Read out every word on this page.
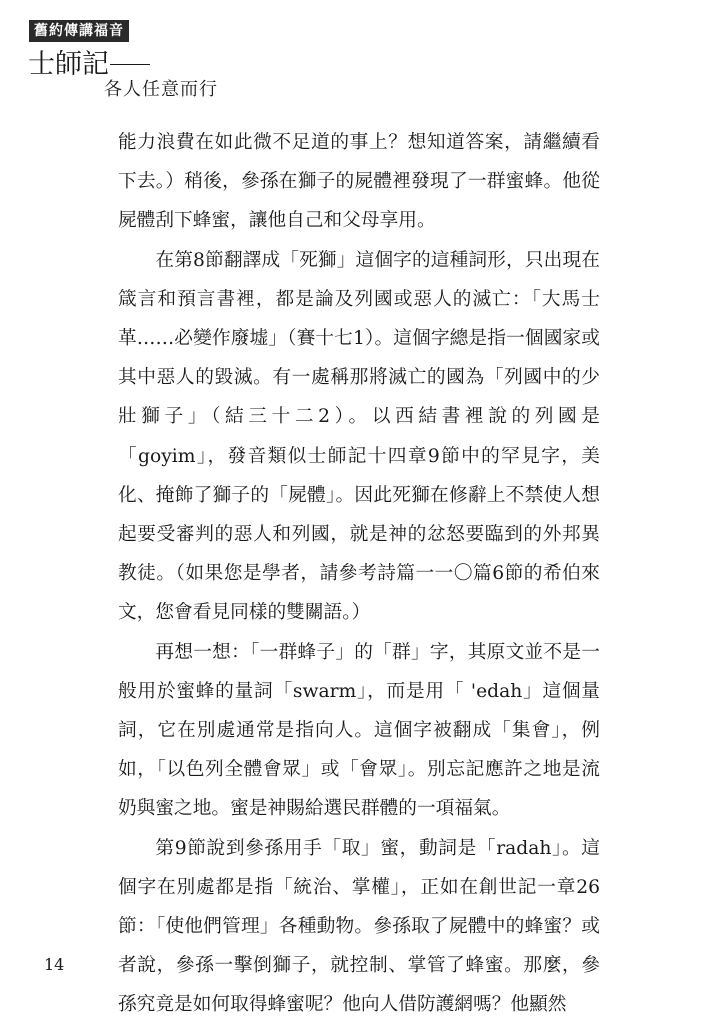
舊約傳講福音
士師記
各人任意而行

能力浪費在如此微不足道的事上？想知道答案，請繼續看下去。）稍後，參孫在獅子的屍體裡發現了一群蜜蜂。他從屍體刮下蜂蜜，讓他自己和父母享用。

在第8節翻譯成「死獅」這個字的這種詞形，只出現在箴言和預言書裡，都是論及列國或惡人的滅亡：「大馬士革……必變作廢墟」（賽十七1）。這個字總是指一個國家或其中惡人的毀滅。有一處稱那將滅亡的國為「列國中的少壯獅子」（結三十二2）。以西結書裡說的列國是「goyim」，發音類似士師記十四章9節中的罕見字，美化、掩飾了獅子的「屍體」。因此死獅在修辭上不禁使人想起要受審判的惡人和列國，就是神的忿怒要臨到的外邦異教徒。（如果您是學者，請參考詩篇一一〇篇6節的希伯來文，您會看見同樣的雙關語。）

再想一想：「一群蜂子」的「群」字，其原文並不是一般用於蜜蜂的量詞「swarm」，而是用「 'edah」這個量詞，它在別處通常是指向人。這個字被翻成「集會」，例如，「以色列全體會眾」或「會眾」。別忘記應許之地是流奶與蜜之地。蜜是神賜給選民群體的一項福氣。

第9節說到參孫用手「取」蜜，動詞是「radah」。這個字在別處都是指「統治、掌權」，正如在創世記一章26節：「使他們管理」各種動物。參孫取了屍體中的蜂蜜？或者說，參孫一擊倒獅子，就控制、掌管了蜂蜜。那麼，參孫究竟是如何取得蜂蜜呢？他向人借防護網嗎？他顯然

14
